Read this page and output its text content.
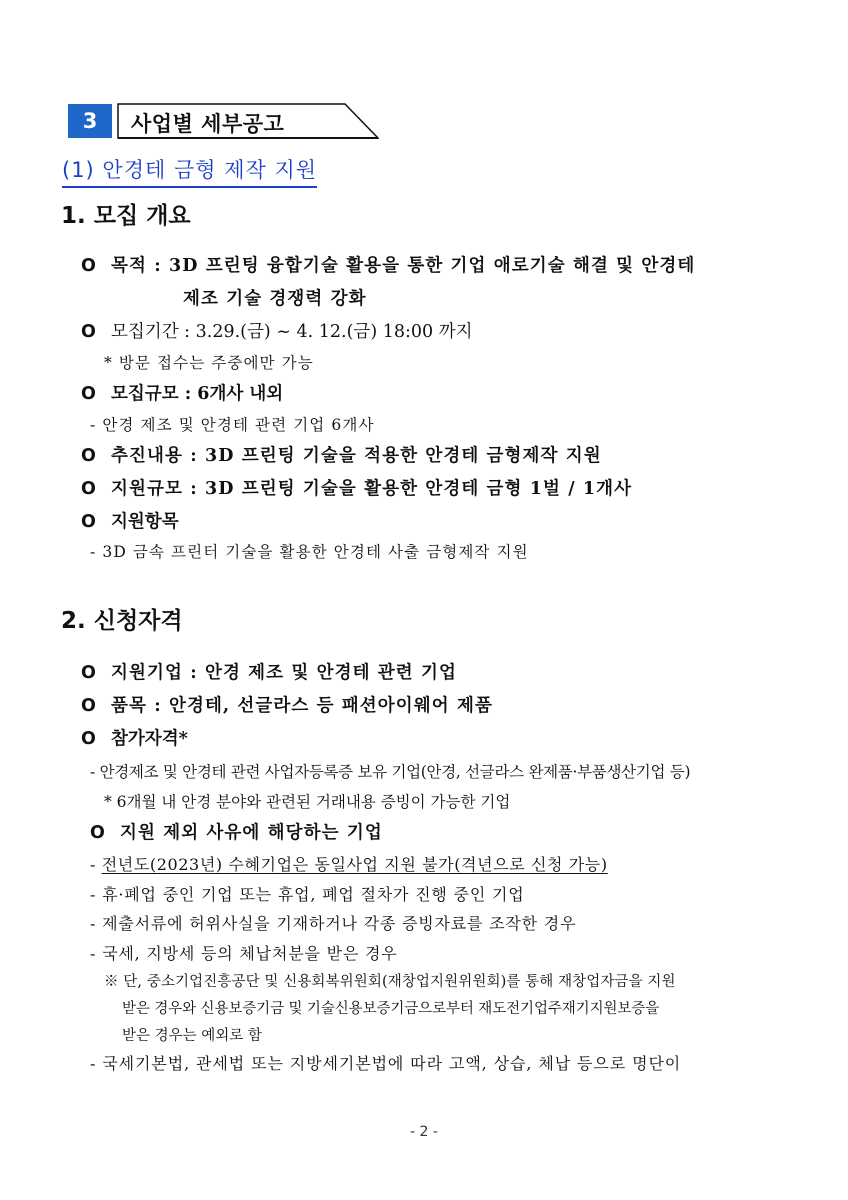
3 사업별 세부공고
(1) 안경테 금형 제작 지원
1. 모집 개요
O 목적 : 3D 프린팅 융합기술 활용을 통한 기업 애로기술 해결 및 안경테
제조 기술 경쟁력 강화
O 모집기간 : 3.29.(금) ~ 4. 12.(금) 18:00 까지
* 방문 접수는 주중에만 가능
O 모집규모 : 6개사 내외
- 안경 제조 및 안경테 관련 기업 6개사
O 추진내용 : 3D 프린팅 기술을 적용한 안경테 금형제작 지원
O 지원규모 : 3D 프린팅 기술을 활용한 안경테 금형 1벌 / 1개사
O 지원항목
- 3D 금속 프린터 기술을 활용한 안경테 사출 금형제작 지원
2. 신청자격
O 지원기업 : 안경 제조 및 안경테 관련 기업
O 품목 : 안경테, 선글라스 등 패션아이웨어 제품
O 참가자격*
- 안경제조 및 안경테 관련 사업자등록증 보유 기업(안경, 선글라스 완제품·부품생산기업 등)
* 6개월 내 안경 분야와 관련된 거래내용 증빙이 가능한 기업
O 지원 제외 사유에 해당하는 기업
- 전년도(2023년) 수혜기업은 동일사업 지원 불가(격년으로 신청 가능)
- 휴·폐업 중인 기업 또는 휴업, 폐업 절차가 진행 중인 기업
- 제출서류에 허위사실을 기재하거나 각종 증빙자료를 조작한 경우
- 국세, 지방세 등의 체납처분을 받은 경우
※ 단, 중소기업진흥공단 및 신용회복위원회(재창업지원위원회)를 통해 재창업자금을 지원
받은 경우와 신용보증기금 및 기술신용보증기금으로부터 재도전기업주재기지원보증을
받은 경우는 예외로 함
- 국세기본법, 관세법 또는 지방세기본법에 따라 고액, 상습, 체납 등으로 명단이
- 2 -
